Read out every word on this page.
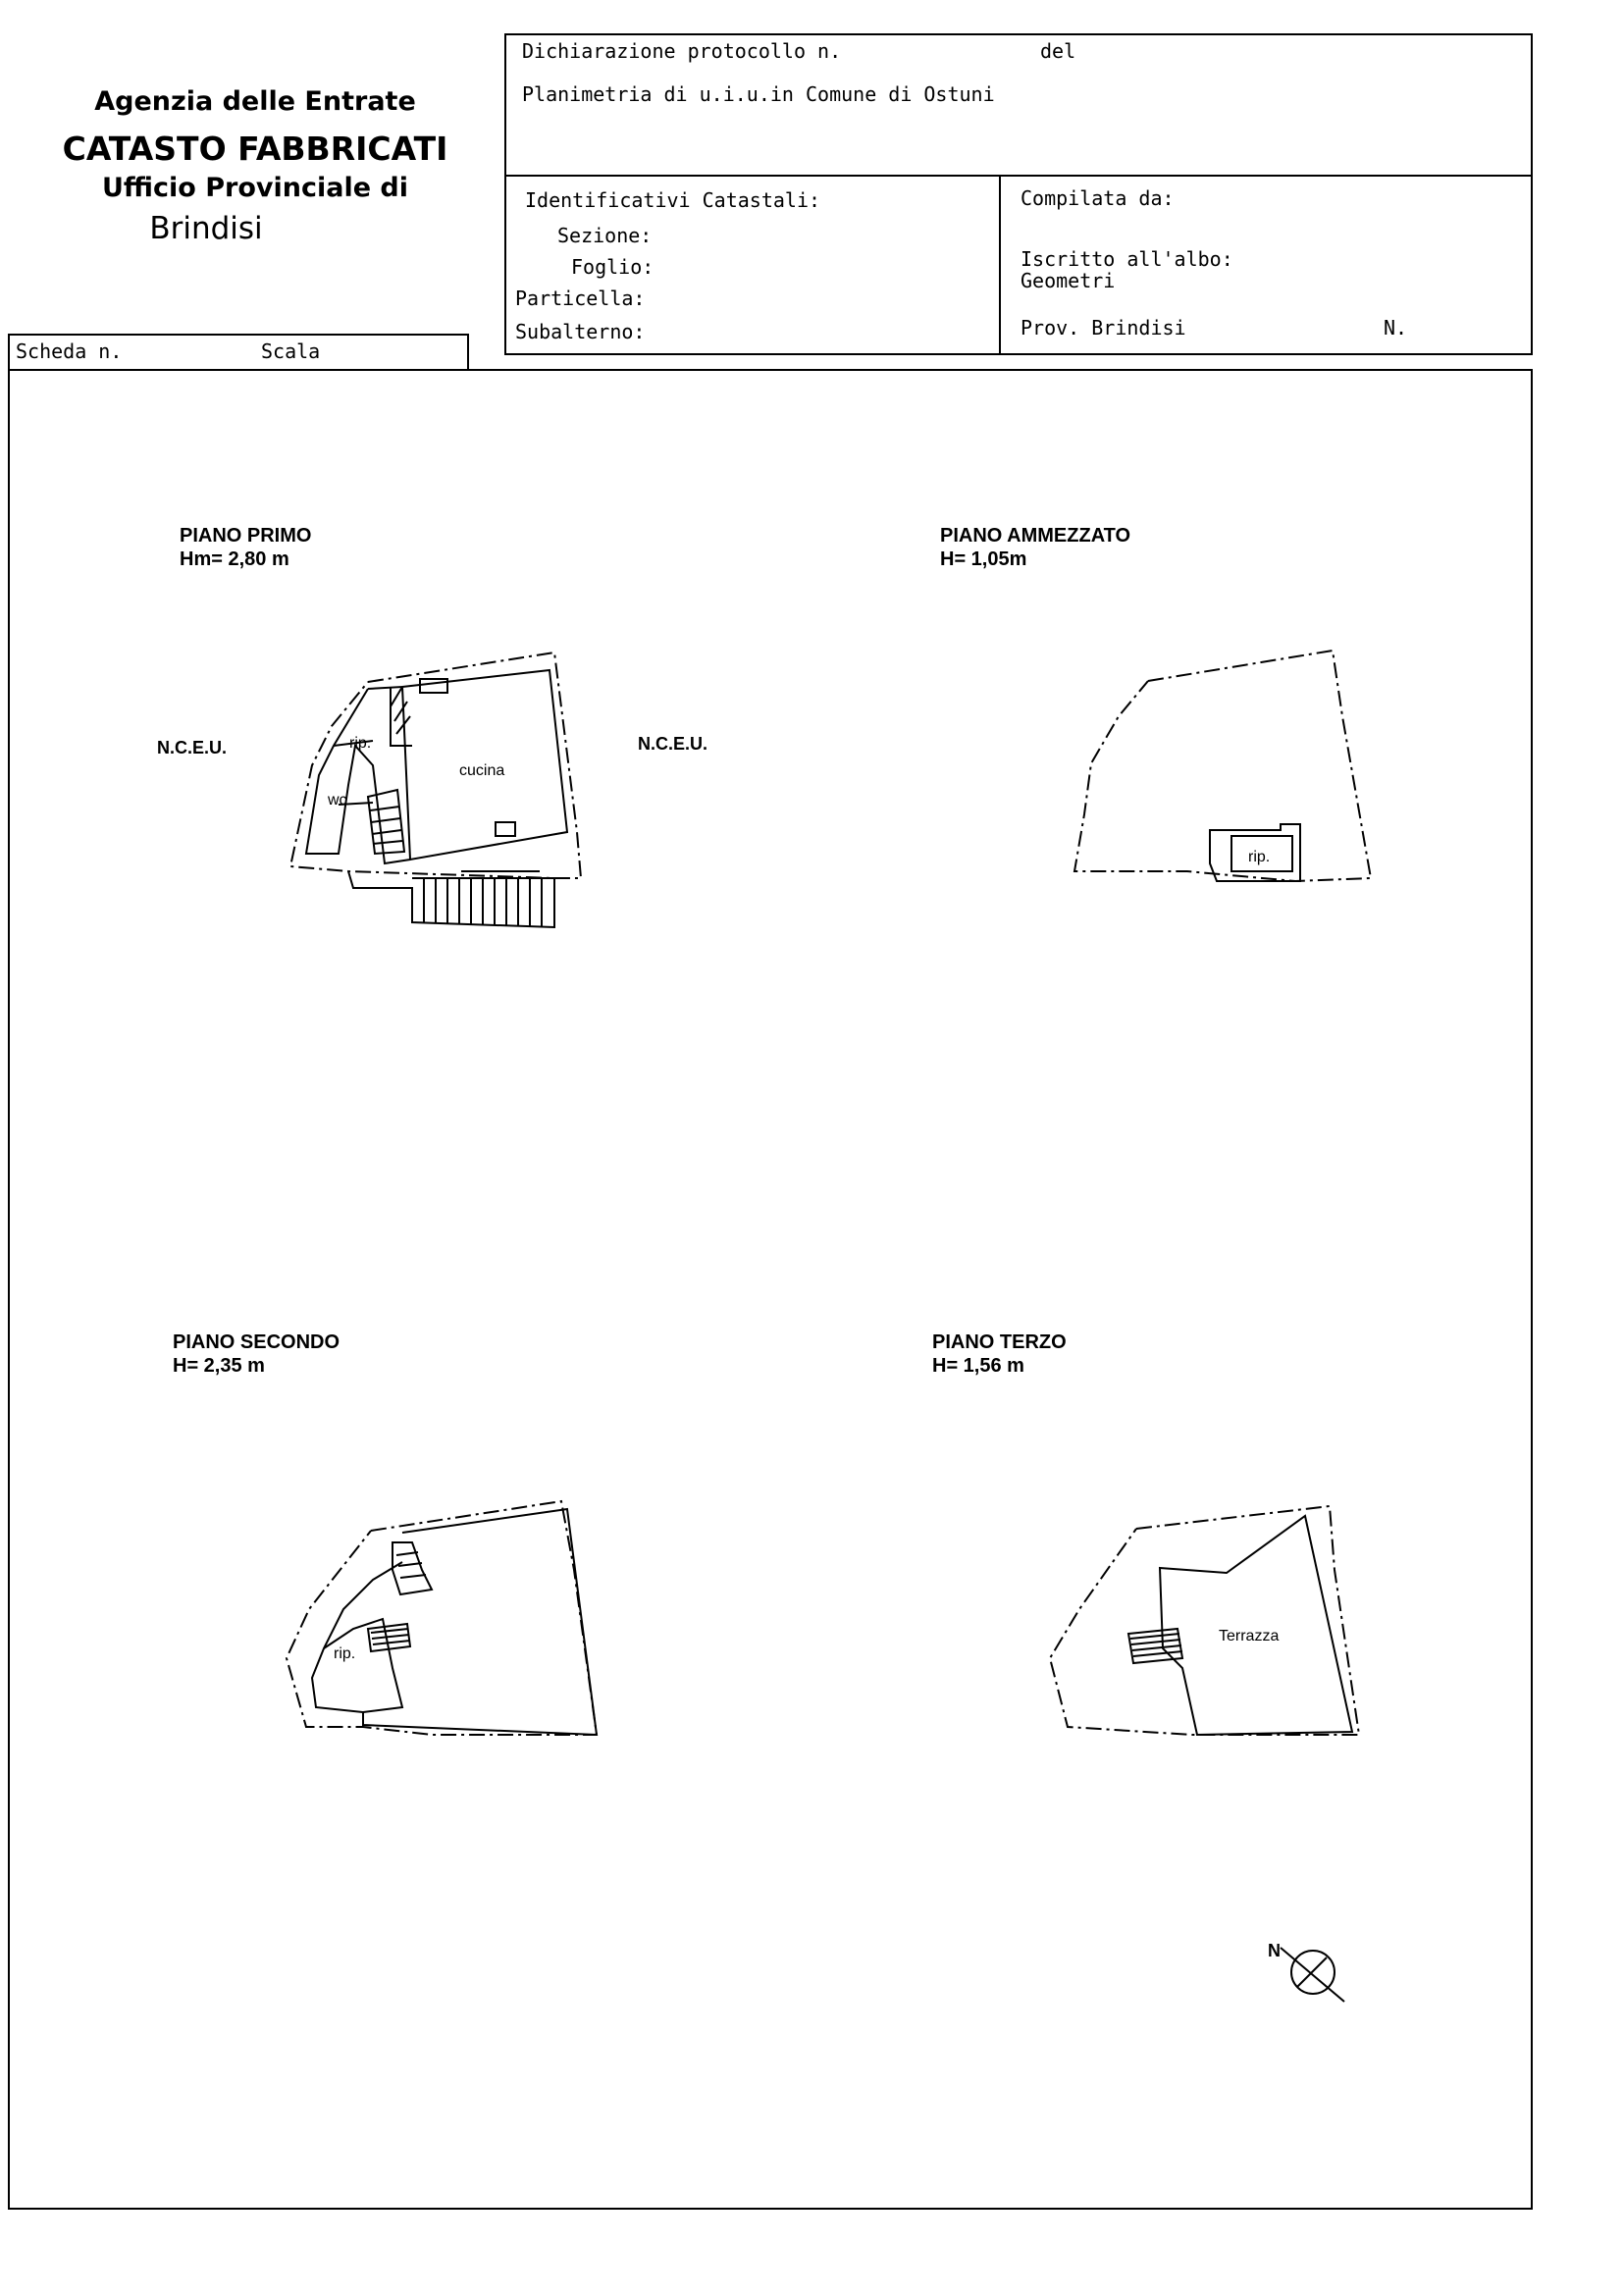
Agenzia delle Entrate
CATASTO FABBRICATI
Ufficio Provinciale di
Brindisi
Dichiarazione protocollo n.	del
Planimetria di u.i.u.in Comune di Ostuni
Identificativi Catastali:
Sezione:
Foglio:
Particella:
Subalterno:
Compilata da:
Iscritto all'albo:
Geometri
Prov. Brindisi	N.
Scheda n.	Scala
PIANO PRIMO
Hm= 2,80 m
PIANO AMMEZZATO
H= 1,05m
PIANO SECONDO
H= 2,35 m
PIANO TERZO
H= 1,56 m
rip.
wc
cucina
rip.
rip.
Terrazza
N.C.E.U.	N.C.E.U.
N
